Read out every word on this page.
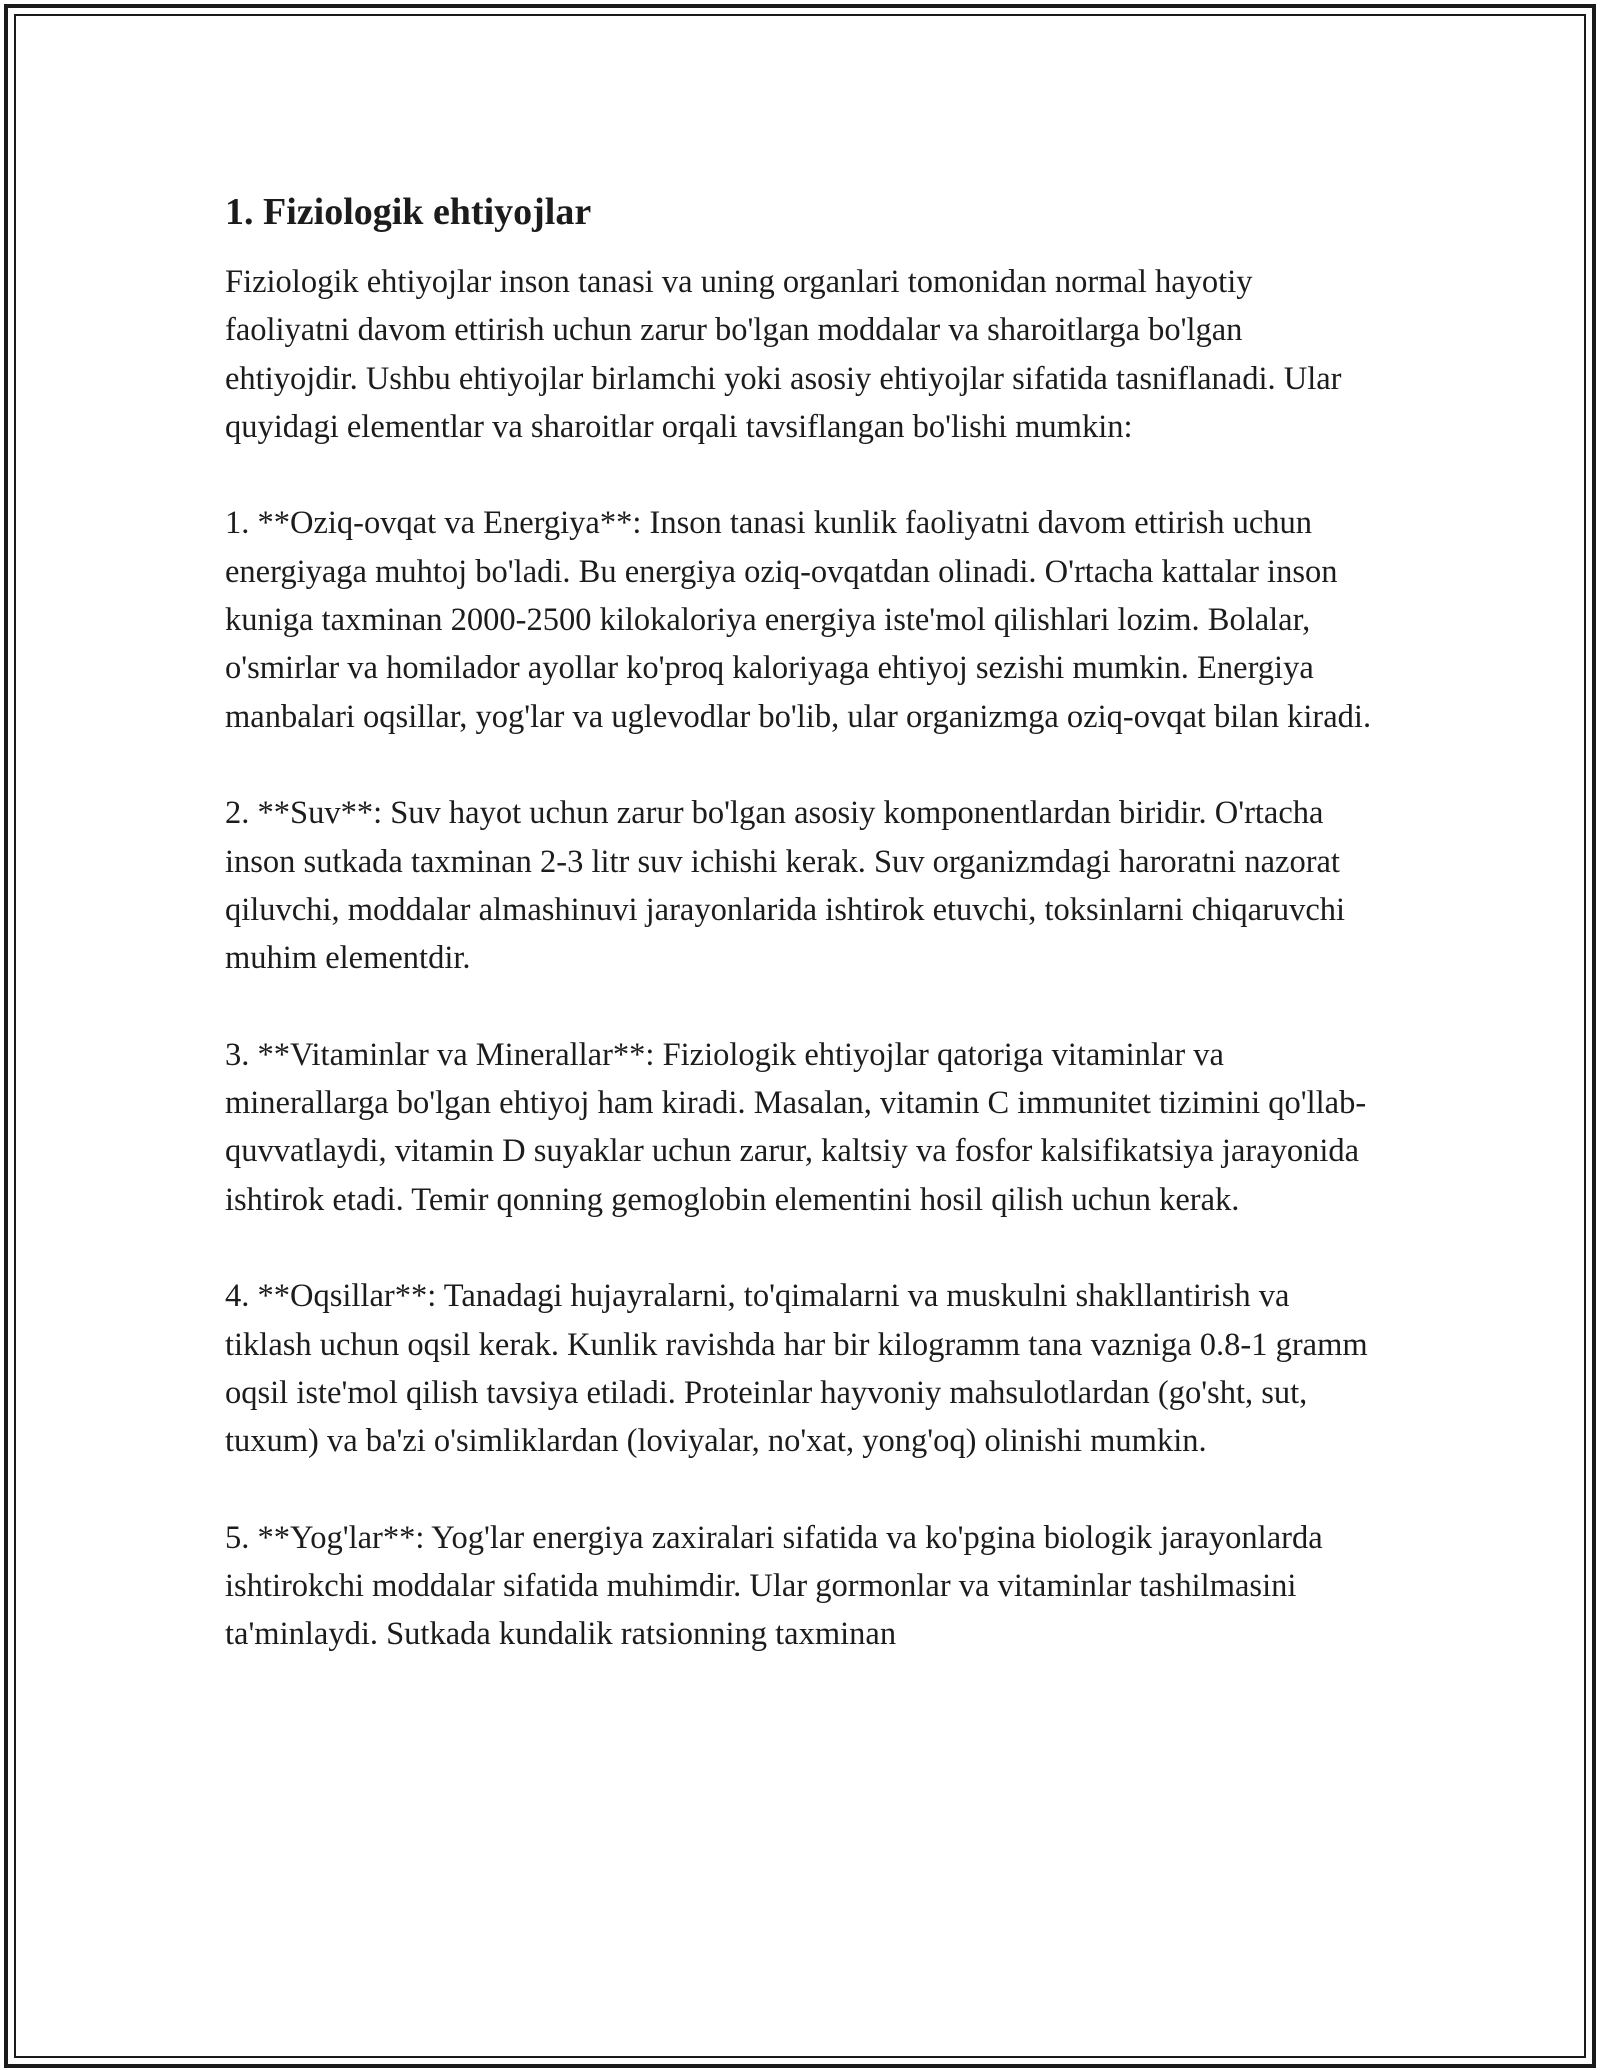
1. Fiziologik ehtiyojlar

Fiziologik ehtiyojlar inson tanasi va uning organlari tomonidan normal hayotiy faoliyatni davom ettirish uchun zarur bo'lgan moddalar va sharoitlarga bo'lgan ehtiyojdir. Ushbu ehtiyojlar birlamchi yoki asosiy ehtiyojlar sifatida tasniflanadi. Ular quyidagi elementlar va sharoitlar orqali tavsiflangan bo'lishi mumkin:

1. **Oziq-ovqat va Energiya**: Inson tanasi kunlik faoliyatni davom ettirish uchun energiyaga muhtoj bo'ladi. Bu energiya oziq-ovqatdan olinadi. O'rtacha kattalar inson kuniga taxminan 2000-2500 kilokaloriya energiya iste'mol qilishlari lozim. Bolalar, o'smirlar va homilador ayollar ko'proq kaloriyaga ehtiyoj sezishi mumkin. Energiya manbalari oqsillar, yog'lar va uglevodlar bo'lib, ular organizmga oziq-ovqat bilan kiradi.

2. **Suv**: Suv hayot uchun zarur bo'lgan asosiy komponentlardan biridir. O'rtacha inson sutkada taxminan 2-3 litr suv ichishi kerak. Suv organizmdagi haroratni nazorat qiluvchi, moddalar almashinuvi jarayonlarida ishtirok etuvchi, toksinlarni chiqaruvchi muhim elementdir.

3. **Vitaminlar va Minerallar**: Fiziologik ehtiyojlar qatoriga vitaminlar va minerallarga bo'lgan ehtiyoj ham kiradi. Masalan, vitamin C immunitet tizimini qo'llab-quvvatlaydi, vitamin D suyaklar uchun zarur, kaltsiy va fosfor kalsifikatsiya jarayonida ishtirok etadi. Temir qonning gemoglobin elementini hosil qilish uchun kerak.

4. **Oqsillar**: Tanadagi hujayralarni, to'qimalarni va muskulni shakllantirish va tiklash uchun oqsil kerak. Kunlik ravishda har bir kilogramm tana vazniga 0.8-1 gramm oqsil iste'mol qilish tavsiya etiladi. Proteinlar hayvoniy mahsulotlardan (go'sht, sut, tuxum) va ba'zi o'simliklardan (loviyalar, no'xat, yong'oq) olinishi mumkin.

5. **Yog'lar**: Yog'lar energiya zaxiralari sifatida va ko'pgina biologik jarayonlarda ishtirokchi moddalar sifatida muhimdir. Ular gormonlar va vitaminlar tashilmasini ta'minlaydi. Sutkada kundalik ratsionning taxminan
